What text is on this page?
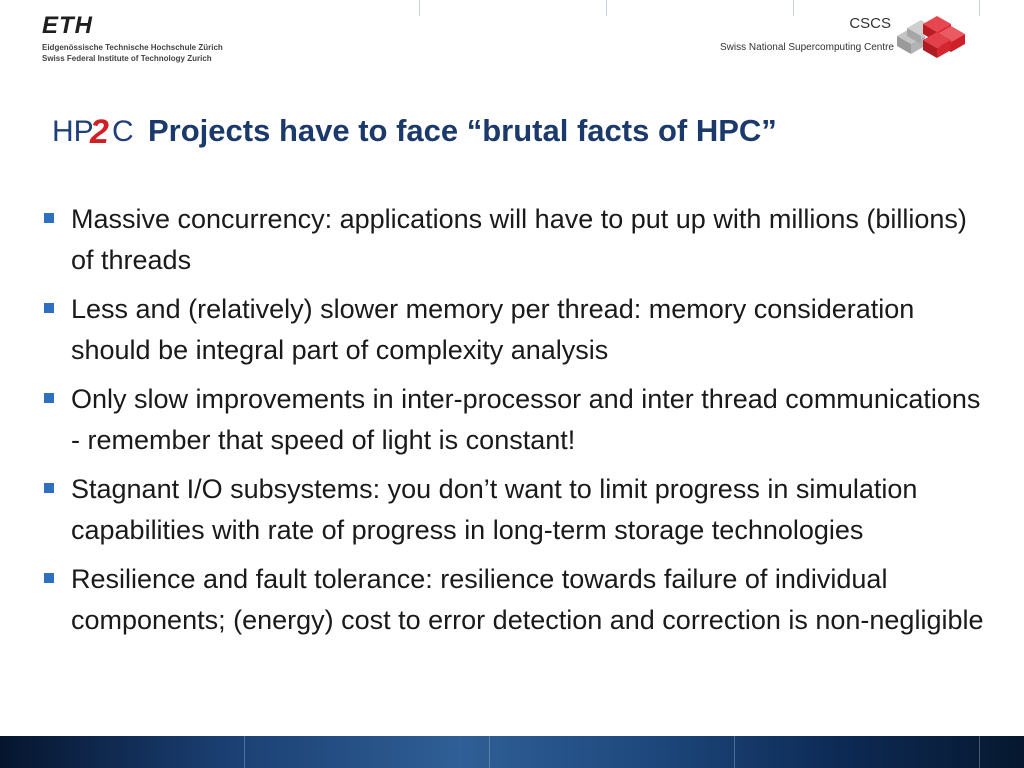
ETH
Eidgenössische Technische Hochschule Zürich
Swiss Federal Institute of Technology Zurich
CSCS
Swiss National Supercomputing Centre
HP
2 C Projects have to face “brutal facts of HPC”
Massive concurrency: applications will have to put up with millions (billions) of threads
Less and (relatively) slower memory per thread: memory consideration should be integral part of complexity analysis
Only slow improvements in inter-processor and inter thread communications - remember that speed of light is constant!
Stagnant I/O subsystems: you don’t want to limit progress in simulation capabilities with rate of progress in long-term storage technologies
Resilience and fault tolerance: resilience towards failure of individual components; (energy) cost to error detection and correction is non-negligible
